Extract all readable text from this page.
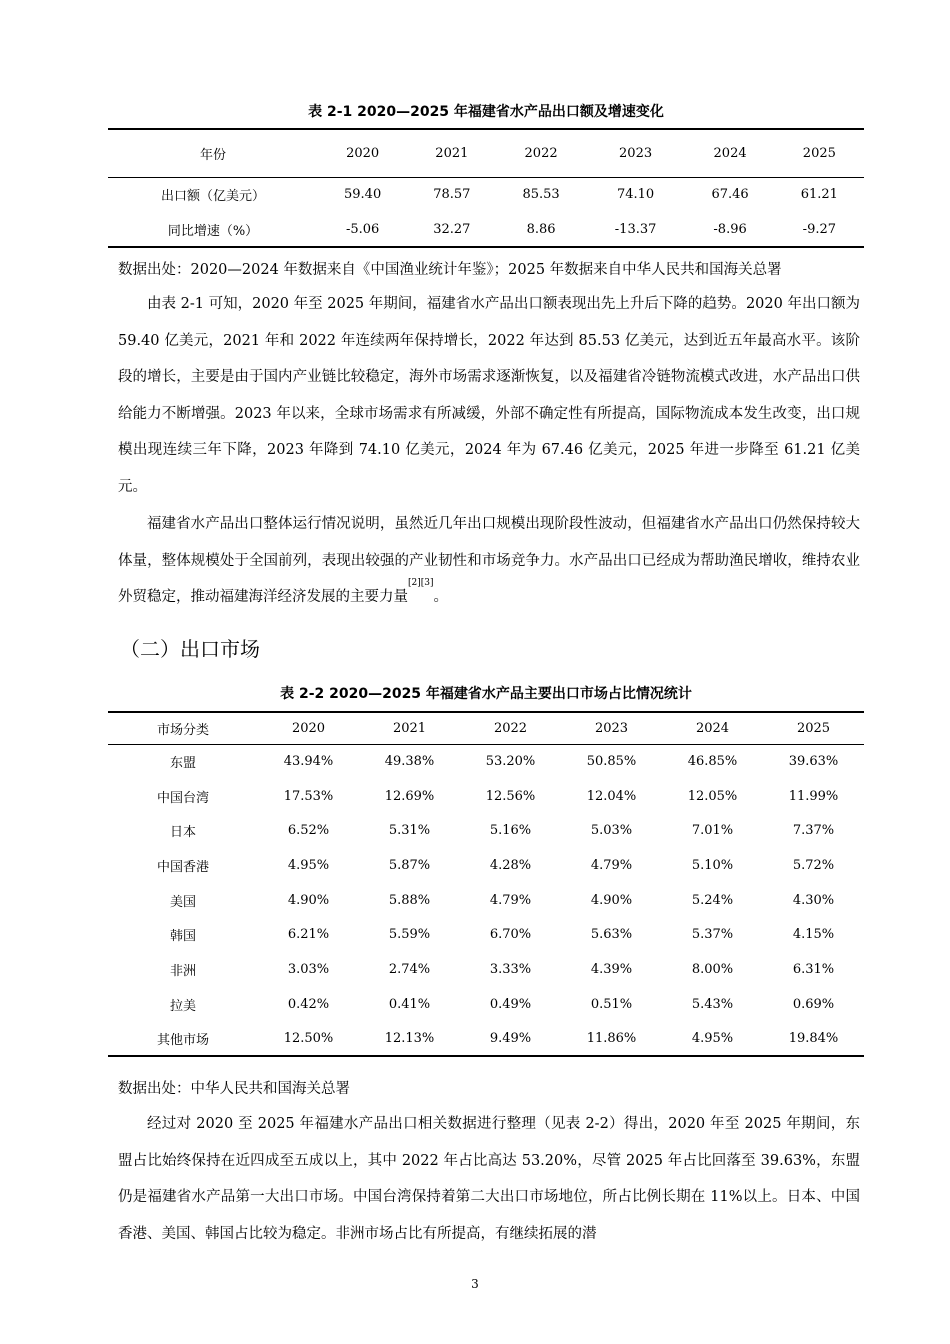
表 2-1 2020—2025 年福建省水产品出口额及增速变化
年份	2020	2021	2022	2023	2024	2025
出口额（亿美元）	59.40	78.57	85.53	74.10	67.46	61.21
同比增速（%）	-5.06	32.27	8.86	-13.37	-8.96	-9.27
数据出处：2020—2024 年数据来自《中国渔业统计年鉴》；2025 年数据来自中华人民共和国海关总署

由表 2-1 可知，2020 年至 2025 年期间，福建省水产品出口额表现出先上升后下降的趋势。2020 年出口额为 59.40 亿美元，2021 年和 2022 年连续两年保持增长，2022 年达到 85.53 亿美元，达到近五年最高水平。该阶段的增长，主要是由于国内产业链比较稳定，海外市场需求逐渐恢复，以及福建省冷链物流模式改进，水产品出口供给能力不断增强。2023 年以来，全球市场需求有所减缓，外部不确定性有所提高，国际物流成本发生改变，出口规模出现连续三年下降，2023 年降到 74.10 亿美元，2024 年为 67.46 亿美元，2025 年进一步降至 61.21 亿美元。

福建省水产品出口整体运行情况说明，虽然近几年出口规模出现阶段性波动，但福建省水产品出口仍然保持较大体量，整体规模处于全国前列，表现出较强的产业韧性和市场竞争力。水产品出口已经成为帮助渔民增收，维持农业外贸稳定，推动福建海洋经济发展的主要力量[2][3]。

（二）出口市场
表 2-2 2020—2025 年福建省水产品主要出口市场占比情况统计
市场分类	2020	2021	2022	2023	2024	2025
东盟	43.94%	49.38%	53.20%	50.85%	46.85%	39.63%
中国台湾	17.53%	12.69%	12.56%	12.04%	12.05%	11.99%
日本	6.52%	5.31%	5.16%	5.03%	7.01%	7.37%
中国香港	4.95%	5.87%	4.28%	4.79%	5.10%	5.72%
美国	4.90%	5.88%	4.79%	4.90%	5.24%	4.30%
韩国	6.21%	5.59%	6.70%	5.63%	5.37%	4.15%
非洲	3.03%	2.74%	3.33%	4.39%	8.00%	6.31%
拉美	0.42%	0.41%	0.49%	0.51%	5.43%	0.69%
其他市场	12.50%	12.13%	9.49%	11.86%	4.95%	19.84%
数据出处：中华人民共和国海关总署

经过对 2020 至 2025 年福建水产品出口相关数据进行整理（见表 2-2）得出，2020 年至 2025 年期间，东盟占比始终保持在近四成至五成以上，其中 2022 年占比高达 53.20%，尽管 2025 年占比回落至 39.63%，东盟仍是福建省水产品第一大出口市场。中国台湾保持着第二大出口市场地位，所占比例长期在 11%以上。日本、中国香港、美国、韩国占比较为稳定。非洲市场占比有所提高，有继续拓展的潜

3
